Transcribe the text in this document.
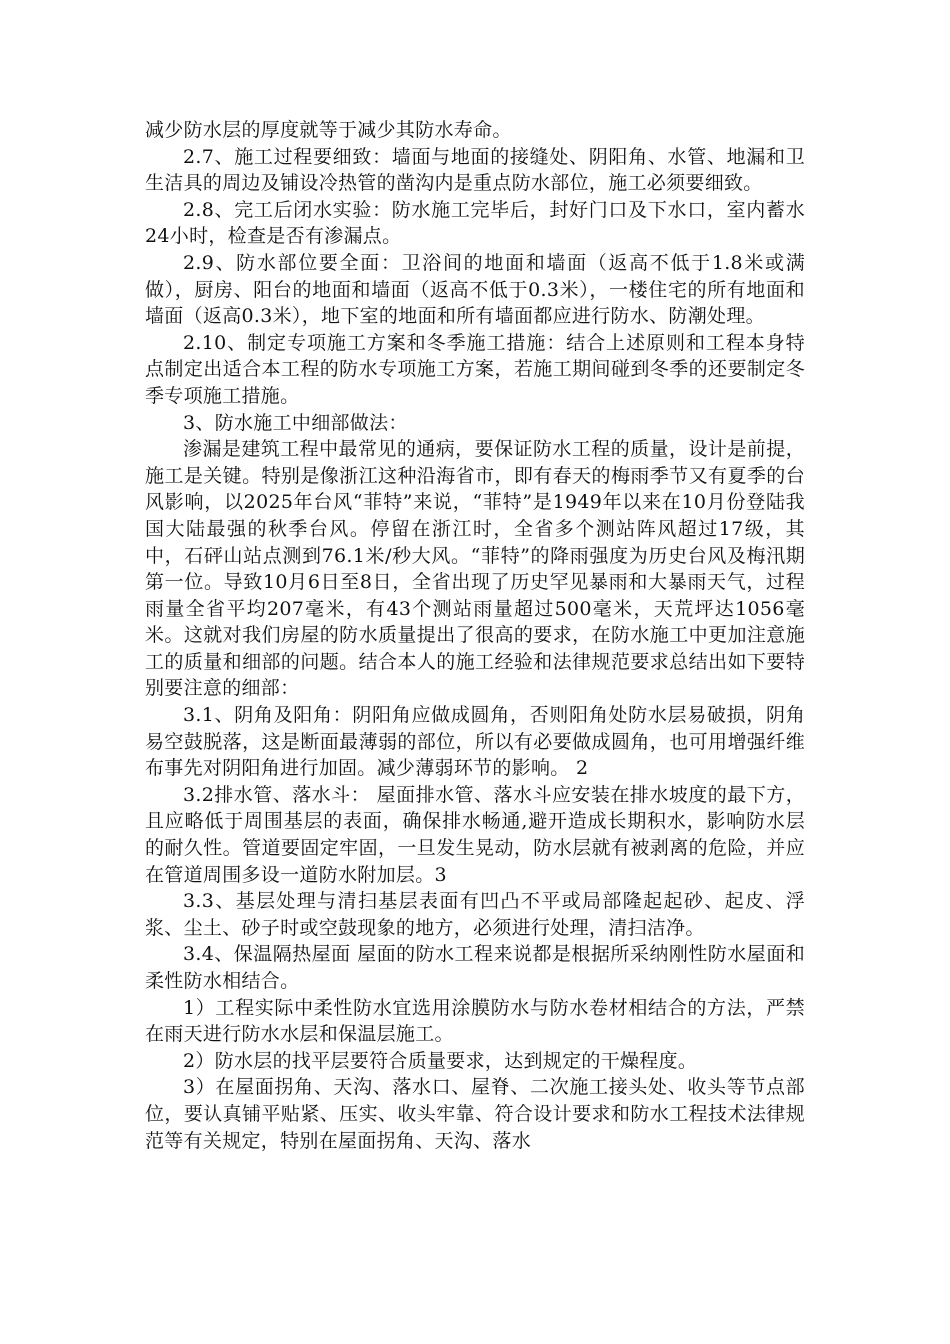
减少防水层的厚度就等于减少其防水寿命。

2.7、施工过程要细致：墙面与地面的接缝处、阴阳角、水管、地漏和卫生洁具的周边及铺设冷热管的凿沟内是重点防水部位，施工必须要细致。

2.8、完工后闭水实验：防水施工完毕后，封好门口及下水口，室内蓄水24小时，检查是否有渗漏点。

2.9、防水部位要全面：卫浴间的地面和墙面（返高不低于1.8米或满做），厨房、阳台的地面和墙面（返高不低于0.3米），一楼住宅的所有地面和墙面（返高0.3米），地下室的地面和所有墙面都应进行防水、防潮处理。

2.10、制定专项施工方案和冬季施工措施：结合上述原则和工程本身特点制定出适合本工程的防水专项施工方案，若施工期间碰到冬季的还要制定冬季专项施工措施。

3、防水施工中细部做法：

渗漏是建筑工程中最常见的通病，要保证防水工程的质量，设计是前提，施工是关键。特别是像浙江这种沿海省市，即有春天的梅雨季节又有夏季的台风影响，以2025年台风“菲特”来说，“菲特”是1949年以来在10月份登陆我国大陆最强的秋季台风。停留在浙江时，全省多个测站阵风超过17级，其中，石砰山站点测到76.1米/秒大风。“菲特”的降雨强度为历史台风及梅汛期第一位。导致10月6日至8日，全省出现了历史罕见暴雨和大暴雨天气，过程雨量全省平均207毫米，有43个测站雨量超过500毫米，天荒坪达1056毫米。这就对我们房屋的防水质量提出了很高的要求，在防水施工中更加注意施工的质量和细部的问题。结合本人的施工经验和法律规范要求总结出如下要特别要注意的细部：

3.1、阴角及阳角：阴阳角应做成圆角，否则阳角处防水层易破损，阴角易空鼓脱落，这是断面最薄弱的部位，所以有必要做成圆角，也可用增强纤维布事先对阴阳角进行加固。减少薄弱环节的影响。 2

3.2排水管、落水斗： 屋面排水管、落水斗应安装在排水坡度的最下方，且应略低于周围基层的表面，确保排水畅通,避开造成长期积水，影响防水层的耐久性。管道要固定牢固，一旦发生晃动，防水层就有被剥离的危险，并应在管道周围多设一道防水附加层。3

3.3、基层处理与清扫基层表面有凹凸不平或局部隆起起砂、起皮、浮浆、尘土、砂子时或空鼓现象的地方，必须进行处理，清扫洁净。

3.4、保温隔热屋面 屋面的防水工程来说都是根据所采纳刚性防水屋面和柔性防水相结合。

1）工程实际中柔性防水宜选用涂膜防水与防水卷材相结合的方法，严禁在雨天进行防水水层和保温层施工。

2）防水层的找平层要符合质量要求，达到规定的干燥程度。

3）在屋面拐角、天沟、落水口、屋脊、二次施工接头处、收头等节点部位，要认真铺平贴紧、压实、收头牢靠、符合设计要求和防水工程技术法律规范等有关规定，特别在屋面拐角、天沟、落水
